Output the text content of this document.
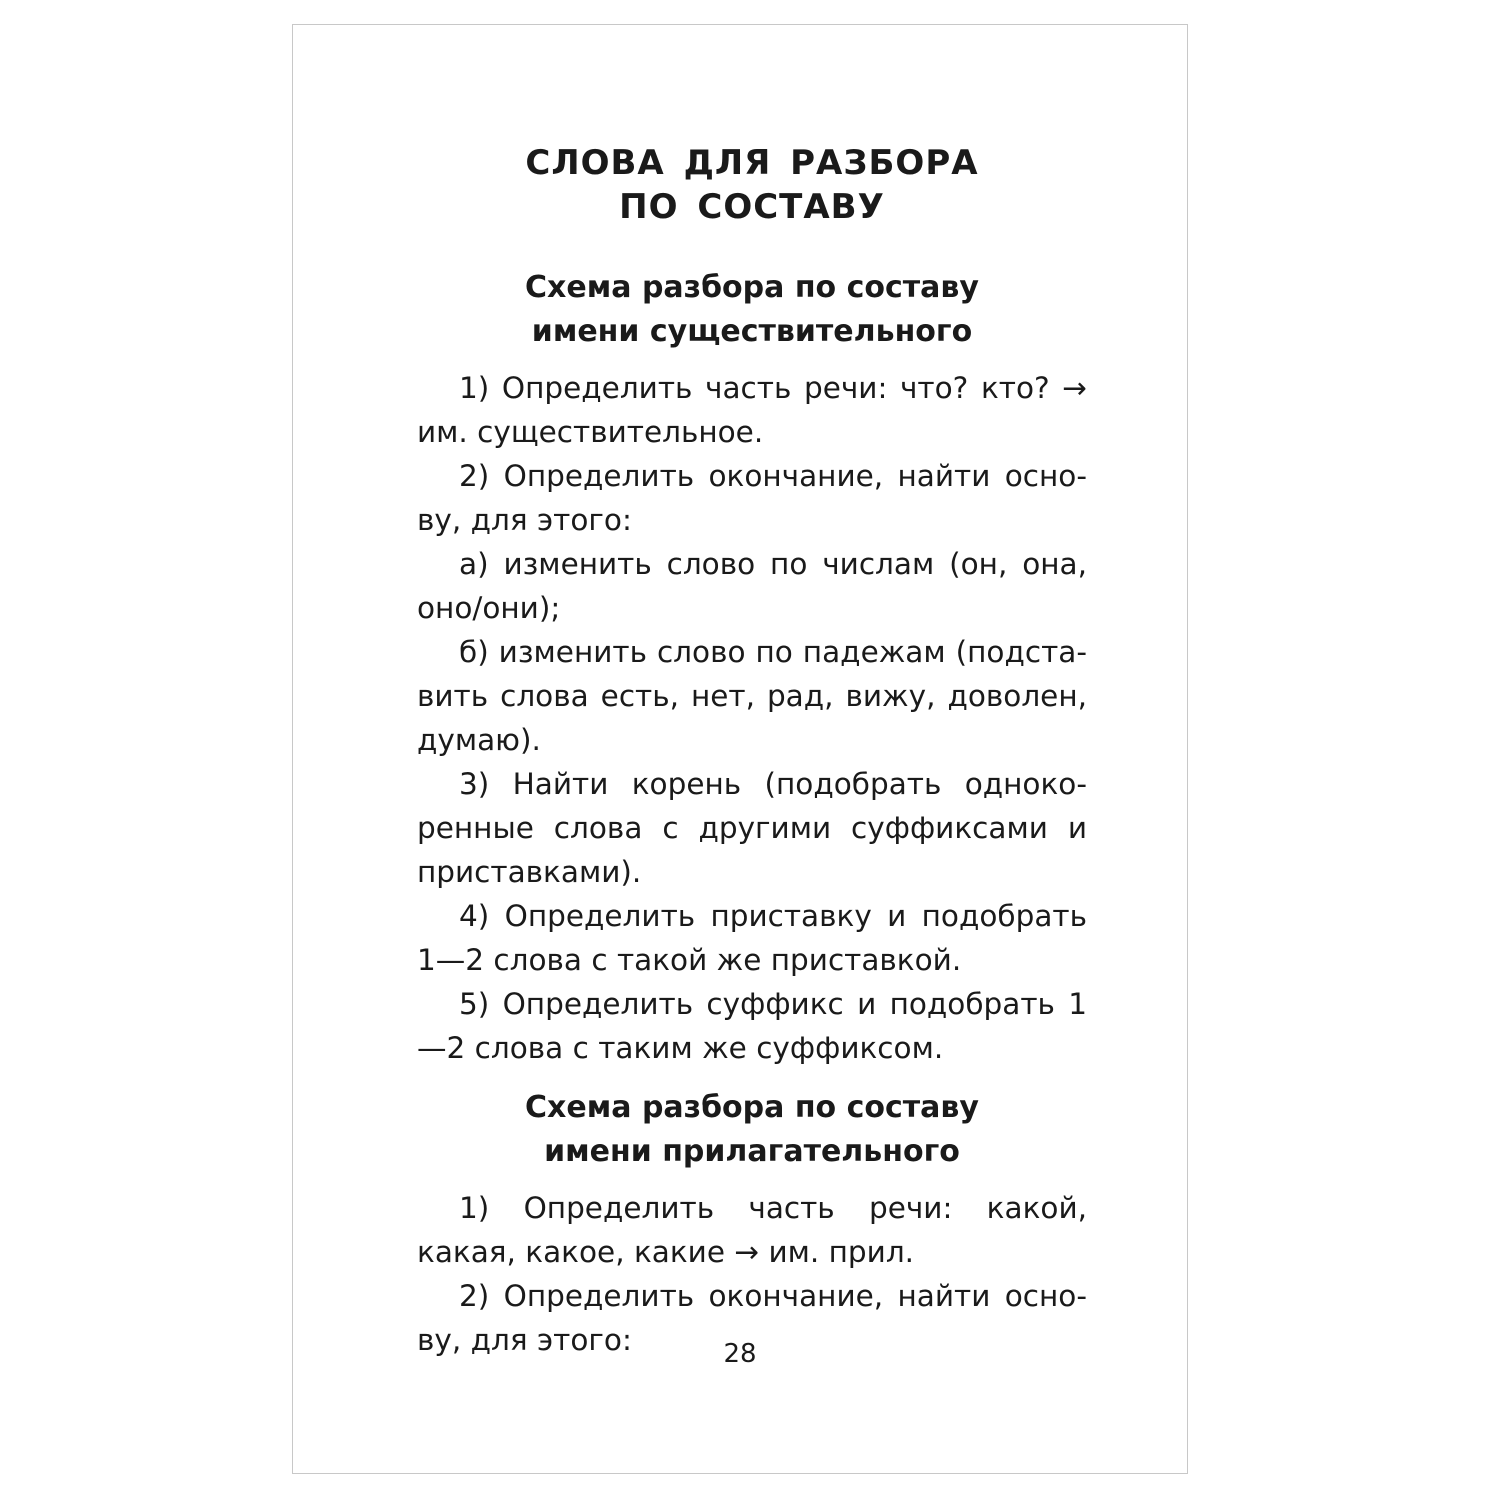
СЛОВА ДЛЯ РАЗБОРА
ПО СОСТАВУ
Схема разбора по составу
имени существительного

1) Определить часть речи: что? кто? → им. существительное.

2) Определить окончание, найти основу, для этого:

а) изменить слово по числам (он, она, оно/они);

б) изменить слово по падежам (подставить слова есть, нет, рад, вижу, доволен, думаю).

3) Найти корень (подобрать однокоренные слова с другими суффиксами и приставками).

4) Определить приставку и подобрать 1—2 слова с такой же приставкой.

5) Определить суффикс и подобрать 1—2 слова с таким же суффиксом.

Схема разбора по составу
имени прилагательного

1) Определить часть речи: какой, какая, какое, какие → им. прил.

2) Определить окончание, найти основу, для этого:	28
